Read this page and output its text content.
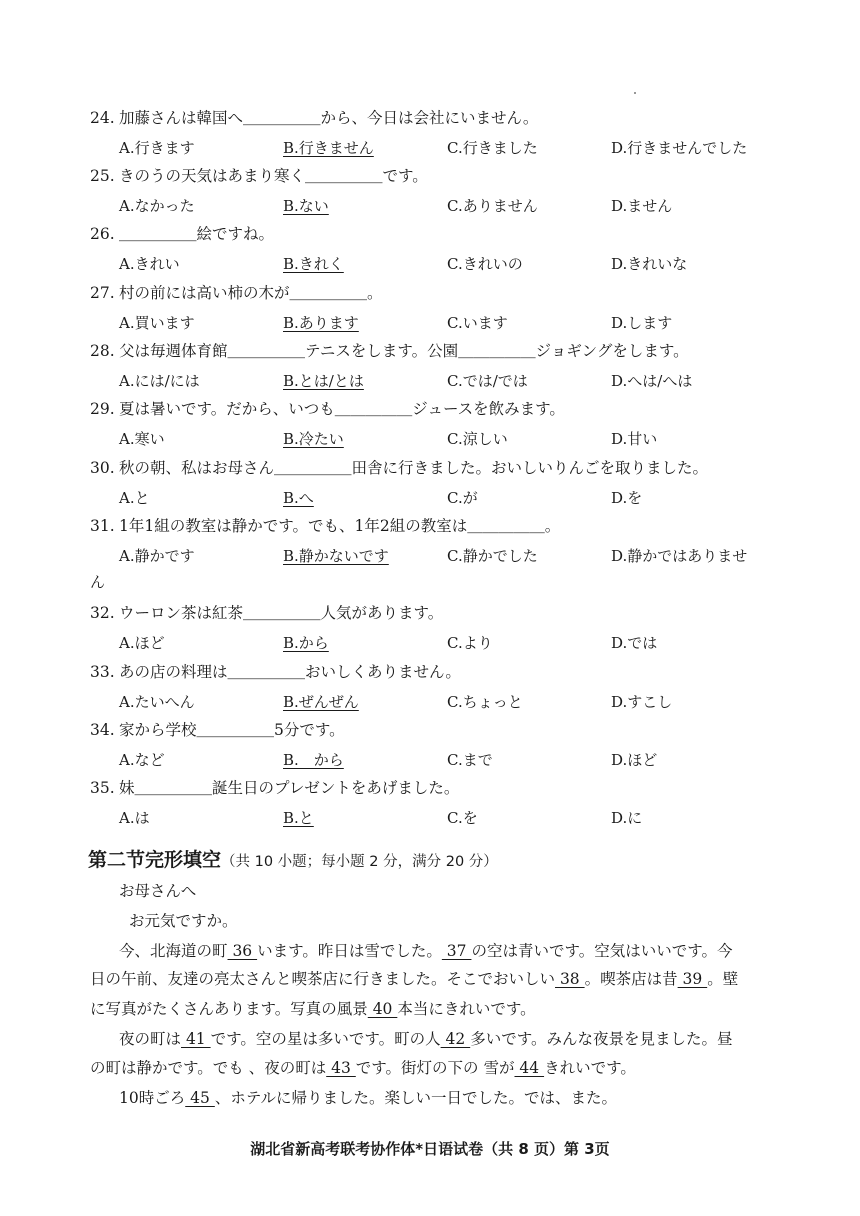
24. 加藤さんは韓国へ＿＿＿＿＿から、今日は会社にいません。
A.行きます	B.行きません	C.行きました	D.行きませんでした
25. きのうの天気はあまり寒く＿＿＿＿＿です。
A.なかった	B.ない	C.ありません	D.ません
26. ＿＿＿＿＿絵ですね。
A.きれい	B.きれく	C.きれいの	D.きれいな
27. 村の前には高い柿の木が＿＿＿＿＿。
A.買います	B.あります	C.います	D.します
28. 父は毎週体育館＿＿＿＿＿テニスをします。公園＿＿＿＿＿ジョギングをします。
A.には/には	B.とは/とは	C.では/では	D.へは/へは
29. 夏は暑いです。だから、いつも＿＿＿＿＿ジュースを飲みます。
A.寒い	B.冷たい	C.涼しい	D.甘い
30. 秋の朝、私はお母さん＿＿＿＿＿田舎に行きました。おいしいりんごを取りました。
A.と	B.へ	C.が	D.を
31. 1年1組の教室は静かです。でも、1年2組の教室は＿＿＿＿＿。
A.静かです	B.静かないです	C.静かでした	D.静かではありませ
32. ウーロン茶は紅茶＿＿＿＿＿人気があります。
A.ほど	B.から	C.より	D.では
33. あの店の料理は＿＿＿＿＿おいしくありません。
A.たいへん	B.ぜんぜん	C.ちょっと	D.すこし
34. 家から学校＿＿＿＿＿5分です。
A.など	B.　から	C.まで	D.ほど
35. 妹＿＿＿＿＿誕生日のプレゼントをあげました。
A.は	B.と	C.を	D.に
ん
第二节完形填空（共 10 小题；每小题 2 分，满分 20 分）
お母さんへ
お元気ですか。
今、北海道の町 36 います。昨日は雪でした。 37 の空は青いです。空気はいいです。今
日の午前、友達の亮太さんと喫茶店に行きました。そこでおいしい 38 。喫茶店は昔 39 。壁
に写真がたくさんあります。写真の風景 40 本当にきれいです。
夜の町は 41 です。空の星は多いです。町の人 42 多いです。みんな夜景を見ました。昼
の町は静かです。でも 、夜の町は 43 です。街灯の下の 雪が 44 きれいです。
10時ごろ 45 、ホテルに帰りました。楽しい一日でした。では、また。
湖北省新高考联考协作体*日语试卷（共 8 页）第 3页
